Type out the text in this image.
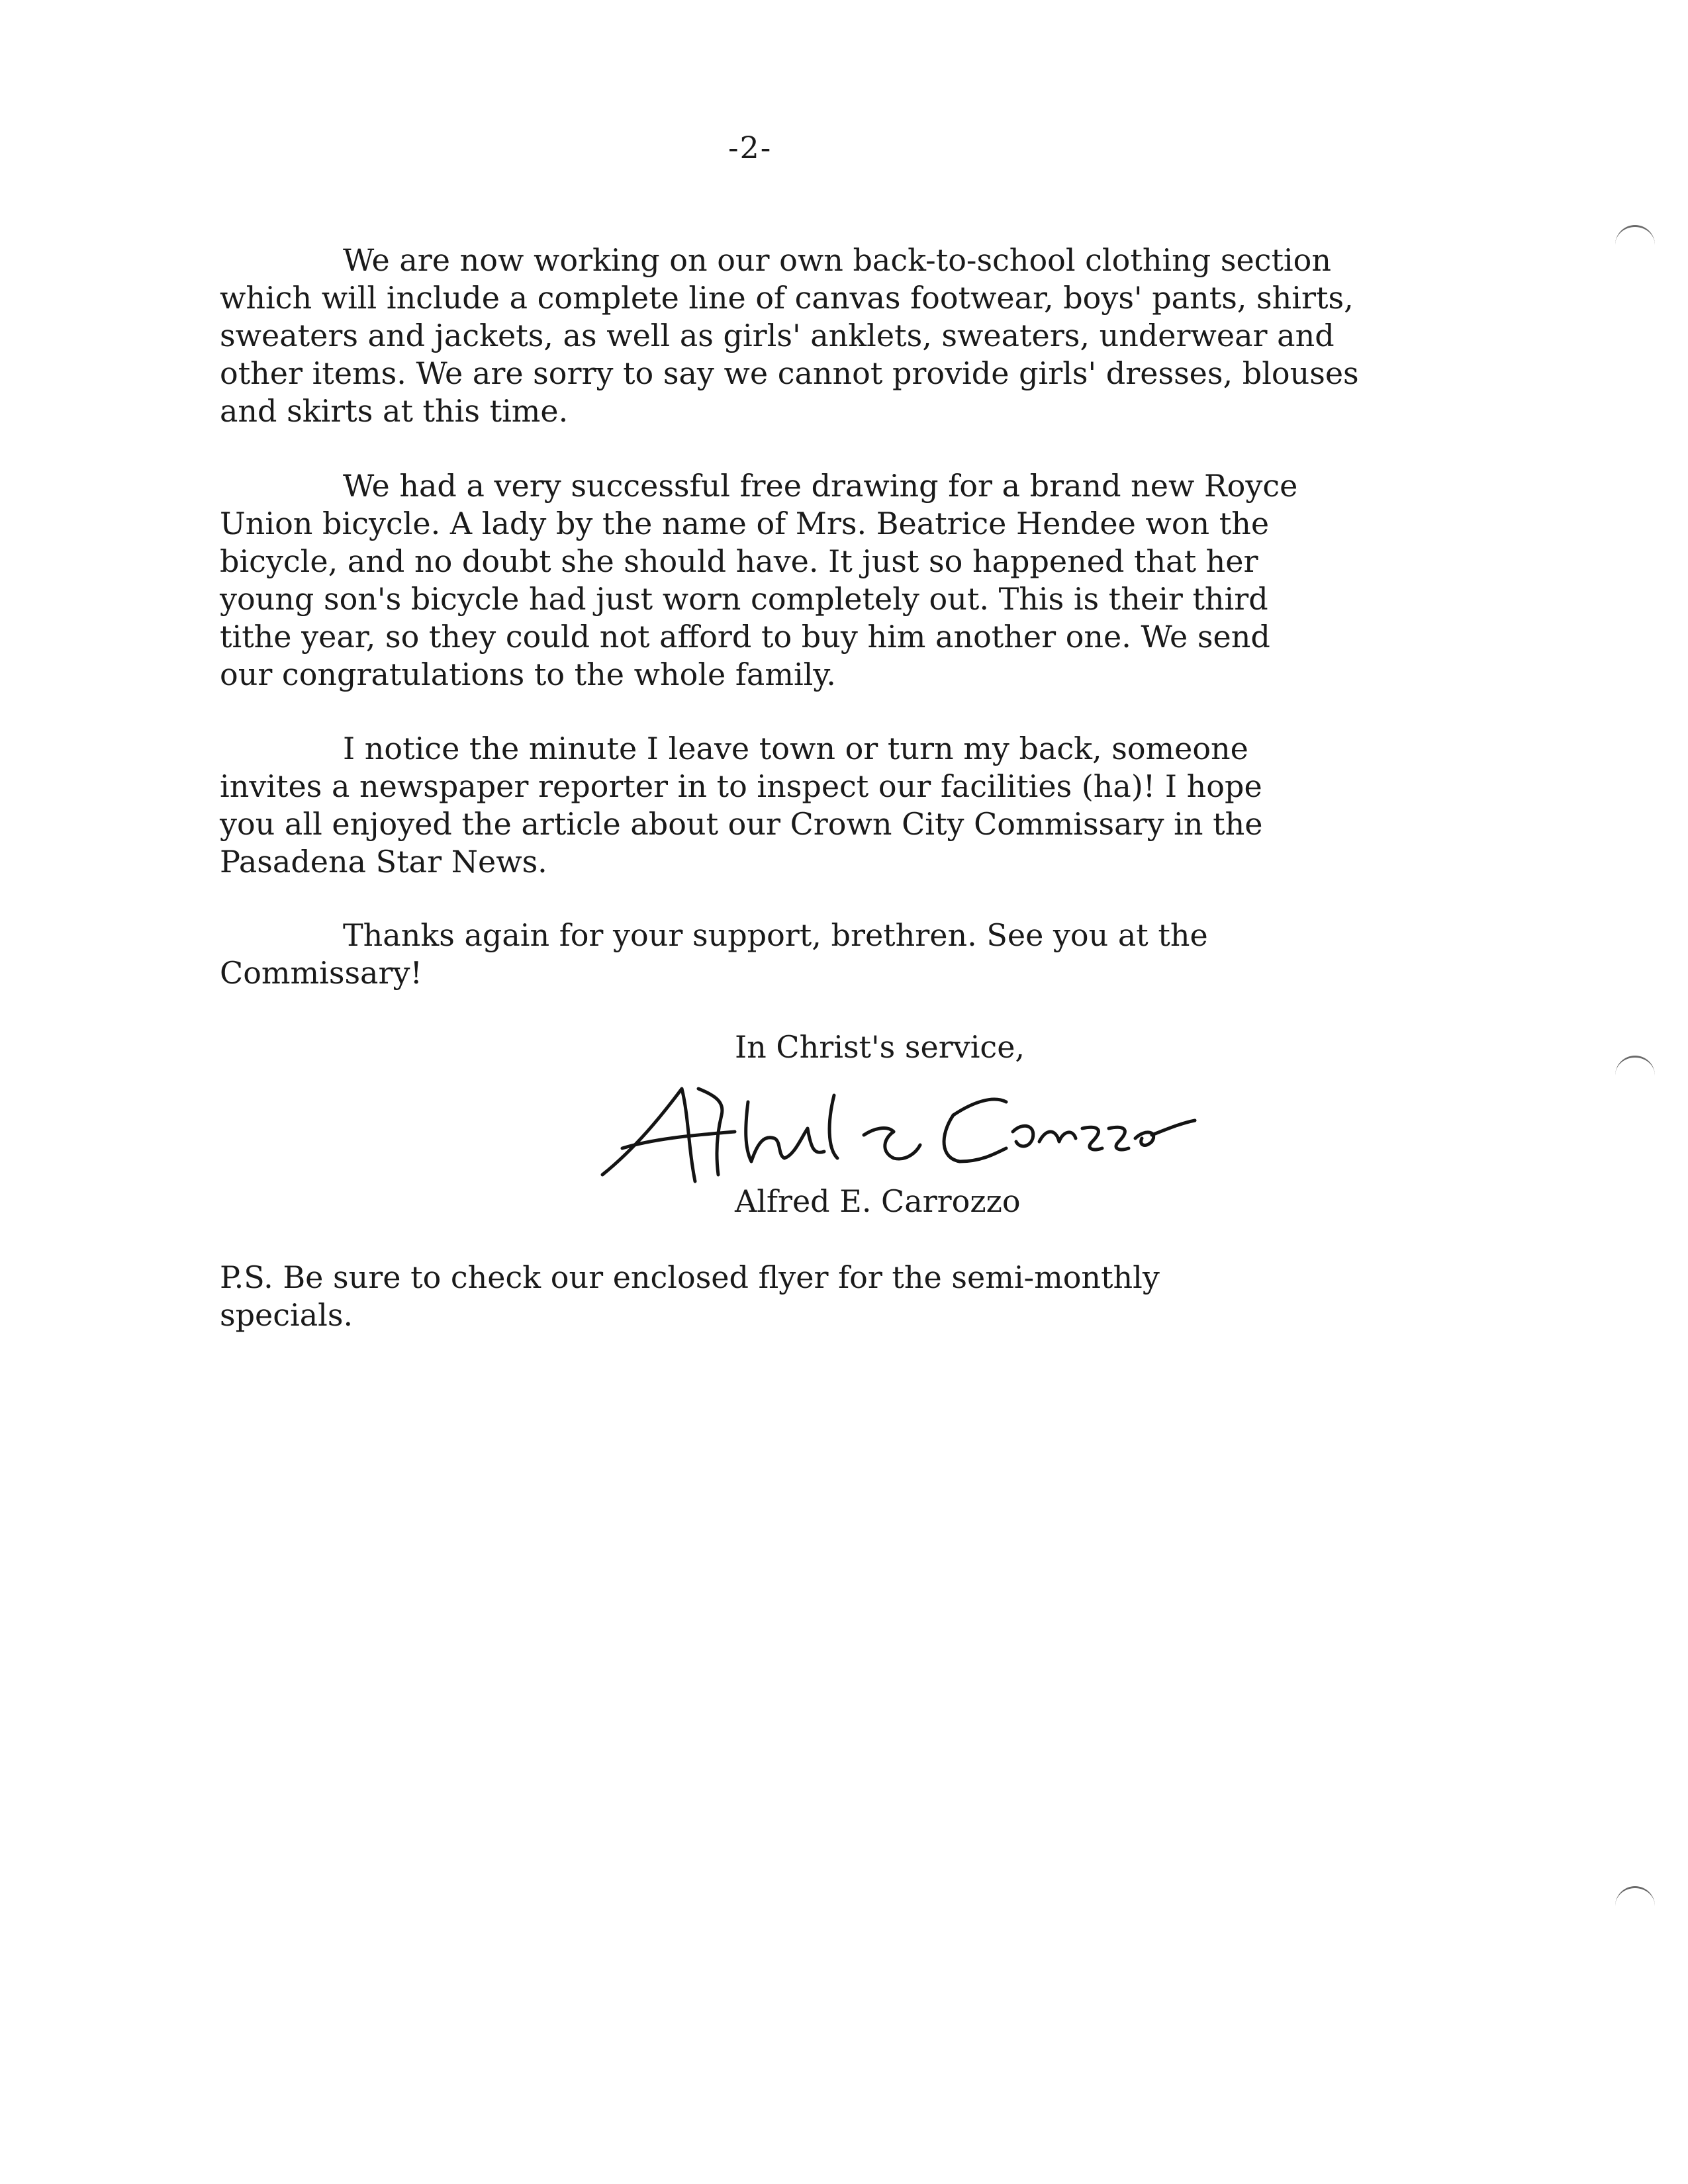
-2-
We are now working on our own back-to-school clothing section
which will include a complete line of canvas footwear, boys' pants, shirts,
sweaters and jackets, as well as girls' anklets, sweaters, underwear and
other items. We are sorry to say we cannot provide girls' dresses, blouses
and skirts at this time.
We had a very successful free drawing for a brand new Royce
Union bicycle. A lady by the name of Mrs. Beatrice Hendee won the
bicycle, and no doubt she should have. It just so happened that her
young son's bicycle had just worn completely out. This is their third
tithe year, so they could not afford to buy him another one. We send
our congratulations to the whole family.
I notice the minute I leave town or turn my back, someone
invites a newspaper reporter in to inspect our facilities (ha)! I hope
you all enjoyed the article about our Crown City Commissary in the
Pasadena Star News.
Thanks again for your support, brethren. See you at the
Commissary!
In Christ's service,
Alfred E. Carrozzo
P.S. Be sure to check our enclosed flyer for the semi-monthly
specials.
